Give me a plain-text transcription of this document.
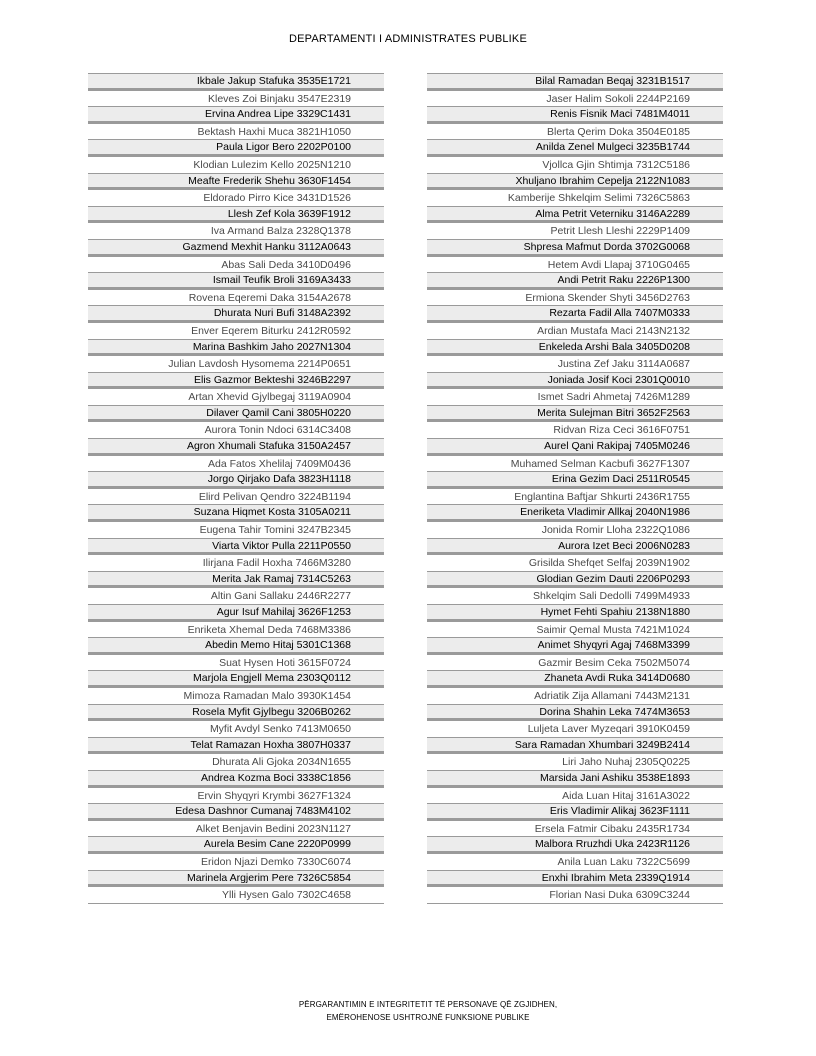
DEPARTAMENTI I ADMINISTRATES PUBLIKE
Ikbale Jakup Stafuka 3535E1721
Kleves Zoi Binjaku 3547E2319
Ervina Andrea Lipe 3329C1431
Bektash Haxhi Muca 3821H1050
Paula Ligor Bero 2202P0100
Klodian Lulezim Kello 2025N1210
Meafte Frederik Shehu 3630F1454
Eldorado Pirro Kice 3431D1526
Llesh Zef Kola 3639F1912
Iva Armand Balza 2328Q1378
Gazmend Mexhit Hanku 3112A0643
Abas Sali Deda 3410D0496
Ismail Teufik Broli 3169A3433
Rovena Eqeremi Daka 3154A2678
Dhurata Nuri Bufi 3148A2392
Enver Eqerem Biturku 2412R0592
Marina Bashkim Jaho 2027N1304
Julian Lavdosh Hysomema 2214P0651
Elis Gazmor Bekteshi 3246B2297
Artan Xhevid Gjylbegaj 3119A0904
Dilaver Qamil Cani 3805H0220
Aurora Tonin Ndoci 6314C3408
Agron Xhumali Stafuka 3150A2457
Ada Fatos Xhelilaj 7409M0436
Jorgo Qirjako Dafa 3823H1118
Elird Pelivan Qendro 3224B1194
Suzana Hiqmet Kosta 3105A0211
Eugena Tahir Tomini 3247B2345
Viarta Viktor Pulla 2211P0550
Ilirjana Fadil Hoxha 7466M3280
Merita Jak Ramaj 7314C5263
Altin Gani Sallaku 2446R2277
Agur Isuf Mahilaj 3626F1253
Enriketa Xhemal Deda 7468M3386
Abedin Memo Hitaj 5301C1368
Suat Hysen Hoti 3615F0724
Marjola Engjell Mema 2303Q0112
Mimoza Ramadan Malo 3930K1454
Rosela Myfit Gjylbegu 3206B0262
Myfit Avdyl Senko 7413M0650
Telat Ramazan Hoxha 3807H0337
Dhurata Ali Gjoka 2034N1655
Andrea Kozma Boci 3338C1856
Ervin Shyqyri Krymbi 3627F1324
Edesa Dashnor Cumanaj 7483M4102
Alket Benjavin Bedini 2023N1127
Aurela Besim Cane 2220P0999
Eridon Njazi Demko 7330C6074
Marinela Argjerim Pere 7326C5854
Ylli Hysen Galo 7302C4658
Bilal Ramadan Beqaj 3231B1517
Jaser Halim Sokoli 2244P2169
Renis Fisnik Maci 7481M4011
Blerta Qerim Doka 3504E0185
Anilda Zenel Mulgeci 3235B1744
Vjollca Gjin Shtimja 7312C5186
Xhuljano Ibrahim Cepelja 2122N1083
Kamberije Shkelqim Selimi 7326C5863
Alma Petrit Veterniku 3146A2289
Petrit Llesh Lleshi 2229P1409
Shpresa Mafmut Dorda 3702G0068
Hetem Avdi Llapaj 3710G0465
Andi Petrit Raku 2226P1300
Ermiona Skender Shyti 3456D2763
Rezarta Fadil Alla 7407M0333
Ardian Mustafa Maci 2143N2132
Enkeleda Arshi Bala 3405D0208
Justina Zef Jaku 3114A0687
Joniada Josif Koci 2301Q0010
Ismet Sadri Ahmetaj 7426M1289
Merita Sulejman Bitri 3652F2563
Ridvan Riza Ceci 3616F0751
Aurel Qani Rakipaj 7405M0246
Muhamed Selman Kacbufi 3627F1307
Erina Gezim Daci 2511R0545
Englantina Baftjar Shkurti 2436R1755
Eneriketa Vladimir Allkaj 2040N1986
Jonida Romir Lloha 2322Q1086
Aurora Izet Beci 2006N0283
Grisilda Shefqet Selfaj 2039N1902
Glodian Gezim Dauti 2206P0293
Shkelqim Sali Dedolli 7499M4933
Hymet Fehti Spahiu 2138N1880
Saimir Qemal Musta 7421M1024
Animet Shyqyri Agaj 7468M3399
Gazmir Besim Ceka 7502M5074
Zhaneta Avdi Ruka 3414D0680
Adriatik Zija Allamani 7443M2131
Dorina Shahin Leka 7474M3653
Luljeta Laver Myzeqari 3910K0459
Sara Ramadan Xhumbari 3249B2414
Liri Jaho Nuhaj 2305Q0225
Marsida Jani Ashiku 3538E1893
Aida Luan Hitaj 3161A3022
Eris Vladimir Alikaj 3623F1111
Ersela Fatmir Cibaku 2435R1734
Malbora Rruzhdi Uka 2423R1126
Anila Luan Laku 7322C5699
Enxhi Ibrahim Meta 2339Q1914
Florian Nasi Duka 6309C3244
PËRGARANTIMIN E INTEGRITETIT TË PERSONAVE QË ZGJIDHEN,
EMËROHENOSE USHTROJNË FUNKSIONE PUBLIKE
